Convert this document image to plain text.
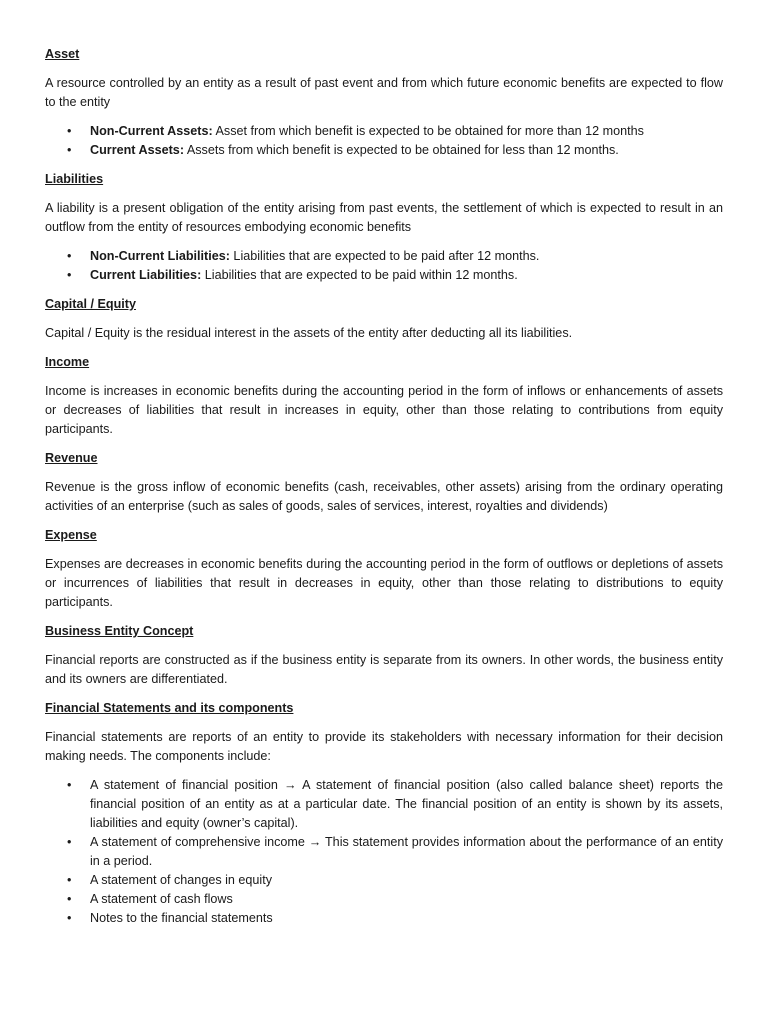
Asset
A resource controlled by an entity as a result of past event and from which future economic benefits are expected to flow to the entity
• Non-Current Assets: Asset from which benefit is expected to be obtained for more than 12 months
• Current Assets: Assets from which benefit is expected to be obtained for less than 12 months.
Liabilities
A liability is a present obligation of the entity arising from past events, the settlement of which is expected to result in an outflow from the entity of resources embodying economic benefits
• Non-Current Liabilities: Liabilities that are expected to be paid after 12 months.
• Current Liabilities: Liabilities that are expected to be paid within 12 months.
Capital / Equity
Capital / Equity is the residual interest in the assets of the entity after deducting all its liabilities.
Income
Income is increases in economic benefits during the accounting period in the form of inflows or enhancements of assets or decreases of liabilities that result in increases in equity, other than those relating to contributions from equity participants.
Revenue
Revenue is the gross inflow of economic benefits (cash, receivables, other assets) arising from the ordinary operating activities of an enterprise (such as sales of goods, sales of services, interest, royalties and dividends)
Expense
Expenses are decreases in economic benefits during the accounting period in the form of outflows or depletions of assets or incurrences of liabilities that result in decreases in equity, other than those relating to distributions to equity participants.
Business Entity Concept
Financial reports are constructed as if the business entity is separate from its owners. In other words, the business entity and its owners are differentiated.
Financial Statements and its components
Financial statements are reports of an entity to provide its stakeholders with necessary information for their decision making needs. The components include:
• A statement of financial position → A statement of financial position (also called balance sheet) reports the financial position of an entity as at a particular date. The financial position of an entity is shown by its assets, liabilities and equity (owner’s capital).
• A statement of comprehensive income → This statement provides information about the performance of an entity in a period.
• A statement of changes in equity
• A statement of cash flows
• Notes to the financial statements
